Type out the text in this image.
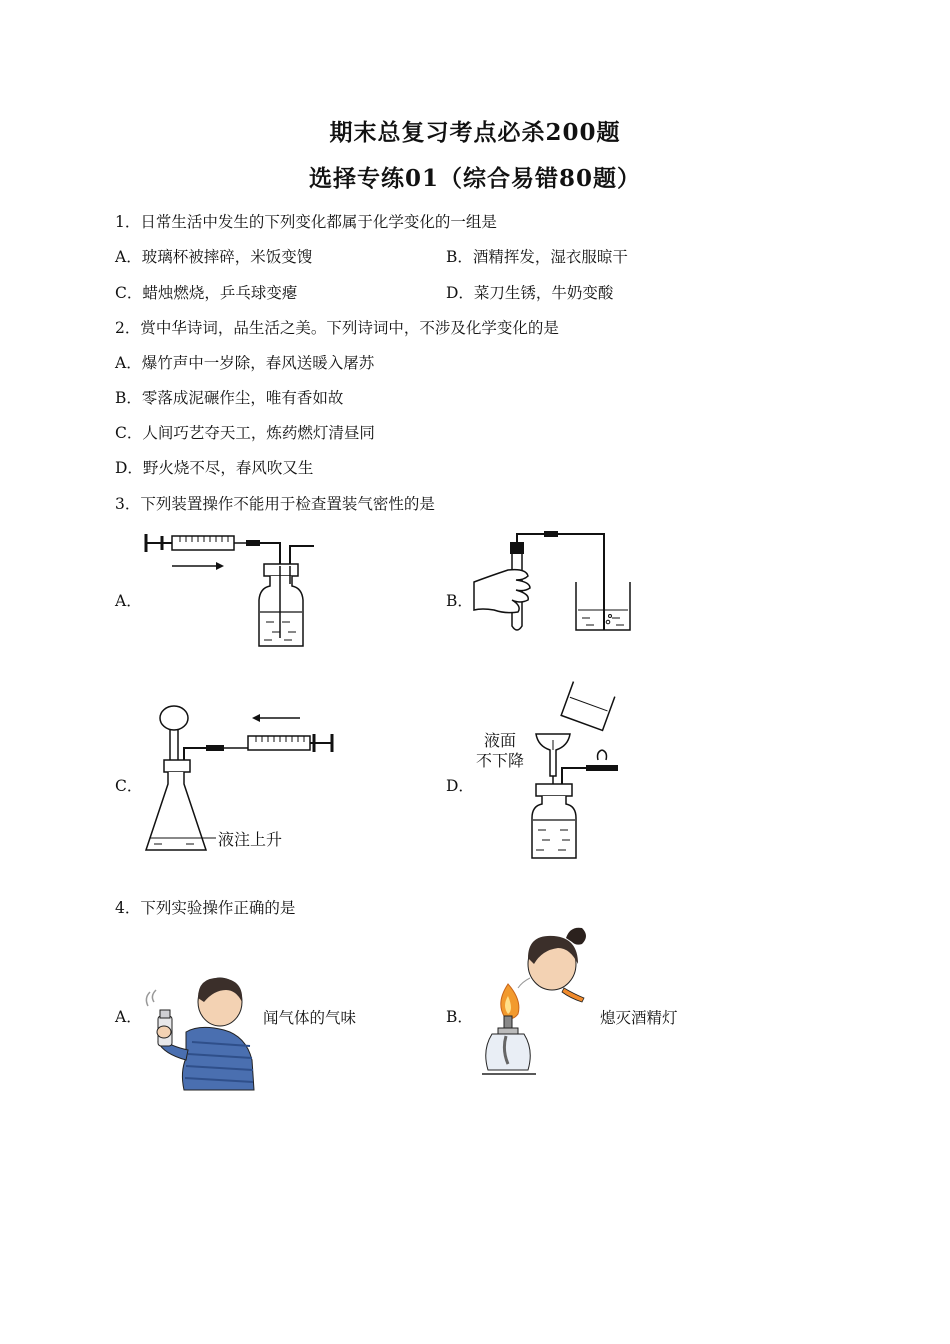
期末总复习考点必杀200题
选择专练01（综合易错80题）
1．日常生活中发生的下列变化都属于化学变化的一组是
A．玻璃杯被摔碎，米饭变馊	B．酒精挥发，湿衣服晾干
C．蜡烛燃烧，乒乓球变瘪	D．菜刀生锈，牛奶变酸
2．赏中华诗词，品生活之美。下列诗词中，不涉及化学变化的是
A．爆竹声中一岁除，春风送暖入屠苏
B．零落成泥碾作尘，唯有香如故
C．人间巧艺夺天工，炼药燃灯清昼同
D．野火烧不尽，春风吹又生
3．下列装置操作不能用于检查置装气密性的是
A．	B．
C．
液注上升
D．
液面
不下降
4．下列实验操作正确的是
A．	闻气体的气味	B．	熄灭酒精灯
